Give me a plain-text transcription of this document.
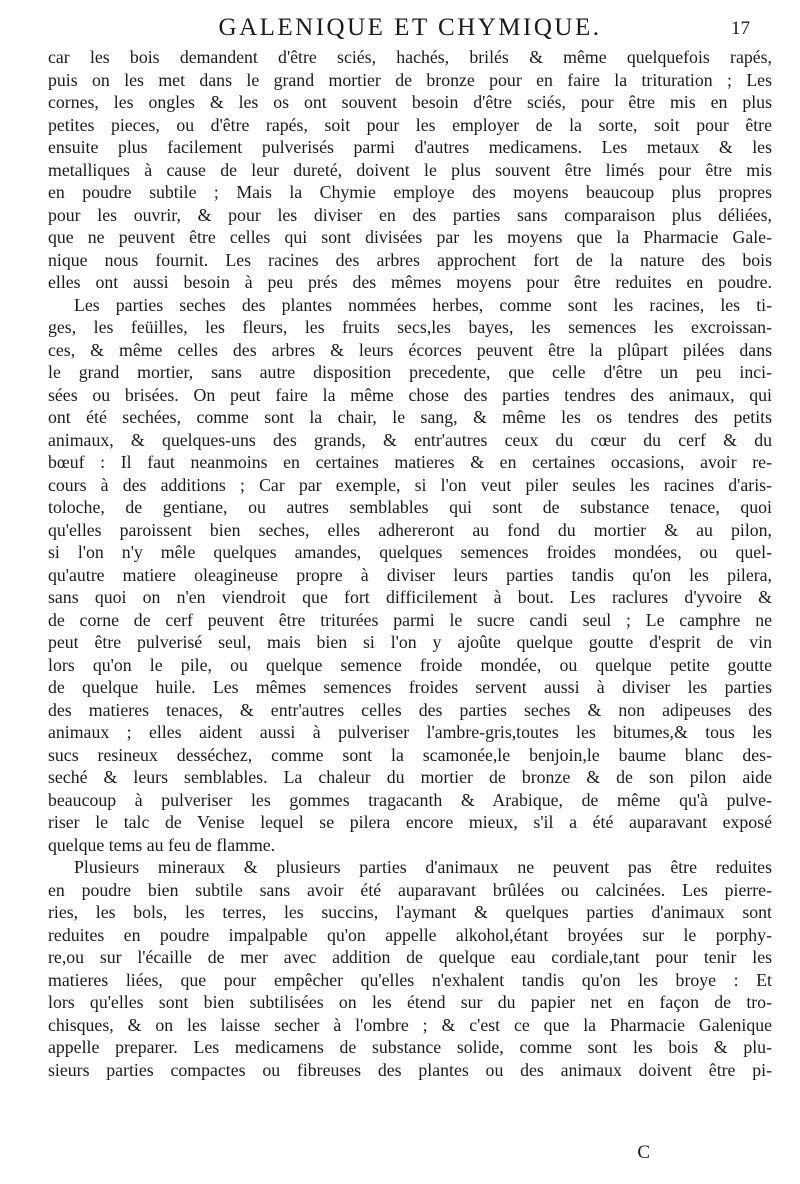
GALENIQUE ET CHYMIQUE.	17
car les bois demandent d'être sciés, hachés, brilés & même quelquefois rapés,
puis on les met dans le grand mortier de bronze pour en faire la trituration ; Les
cornes, les ongles & les os ont souvent besoin d'être sciés, pour être mis en plus
petites pieces, ou d'être rapés, soit pour les employer de la sorte, soit pour être
ensuite plus facilement pulverisés parmi d'autres medicamens. Les metaux & les
metalliques à cause de leur dureté, doivent le plus souvent être limés pour être mis
en poudre subtile ; Mais la Chymie employe des moyens beaucoup plus propres
pour les ouvrir, & pour les diviser en des parties sans comparaison plus déliées,
que ne peuvent être celles qui sont divisées par les moyens que la Pharmacie Gale-
nique nous fournit. Les racines des arbres approchent fort de la nature des bois
elles ont aussi besoin à peu prés des mêmes moyens pour être reduites en poudre.
Les parties seches des plantes nommées herbes, comme sont les racines, les ti-
ges, les feüilles, les fleurs, les fruits secs,les bayes, les semences les excroissan-
ces, & même celles des arbres & leurs écorces peuvent être la plûpart pilées dans
le grand mortier, sans autre disposition precedente, que celle d'être un peu inci-
sées ou brisées. On peut faire la même chose des parties tendres des animaux, qui
ont été sechées, comme sont la chair, le sang, & même les os tendres des petits
animaux, & quelques-uns des grands, & entr'autres ceux du cœur du cerf & du
bœuf : Il faut neanmoins en certaines matieres & en certaines occasions, avoir re-
cours à des additions ; Car par exemple, si l'on veut piler seules les racines d'aris-
toloche, de gentiane, ou autres semblables qui sont de substance tenace, quoi
qu'elles paroissent bien seches, elles adhereront au fond du mortier & au pilon,
si l'on n'y mêle quelques amandes, quelques semences froides mondées, ou quel-
qu'autre matiere oleagineuse propre à diviser leurs parties tandis qu'on les pilera,
sans quoi on n'en viendroit que fort difficilement à bout. Les raclures d'yvoire &
de corne de cerf peuvent être triturées parmi le sucre candi seul ; Le camphre ne
peut être pulverisé seul, mais bien si l'on y ajoûte quelque goutte d'esprit de vin
lors qu'on le pile, ou quelque semence froide mondée, ou quelque petite goutte
de quelque huile. Les mêmes semences froides servent aussi à diviser les parties
des matieres tenaces, & entr'autres celles des parties seches & non adipeuses des
animaux ; elles aident aussi à pulveriser l'ambre-gris,toutes les bitumes,& tous les
sucs resineux desséchez, comme sont la scamonée,le benjoin,le baume blanc des-
seché & leurs semblables. La chaleur du mortier de bronze & de son pilon aide
beaucoup à pulveriser les gommes tragacanth & Arabique, de même qu'à pulve-
riser le talc de Venise lequel se pilera encore mieux, s'il a été auparavant exposé
quelque tems au feu de flamme.
Plusieurs mineraux & plusieurs parties d'animaux ne peuvent pas être reduites
en poudre bien subtile sans avoir été auparavant brûlées ou calcinées. Les pierre-
ries, les bols, les terres, les succins, l'aymant & quelques parties d'animaux sont
reduites en poudre impalpable qu'on appelle alkohol,étant broyées sur le porphy-
re,ou sur l'écaille de mer avec addition de quelque eau cordiale,tant pour tenir les
matieres liées, que pour empêcher qu'elles n'exhalent tandis qu'on les broye : Et
lors qu'elles sont bien subtilisées on les étend sur du papier net en façon de tro-
chisques, & on les laisse secher à l'ombre ; & c'est ce que la Pharmacie Galenique
appelle preparer. Les medicamens de substance solide, comme sont les bois & plu-
sieurs parties compactes ou fibreuses des plantes ou des animaux doivent être pi-
C
